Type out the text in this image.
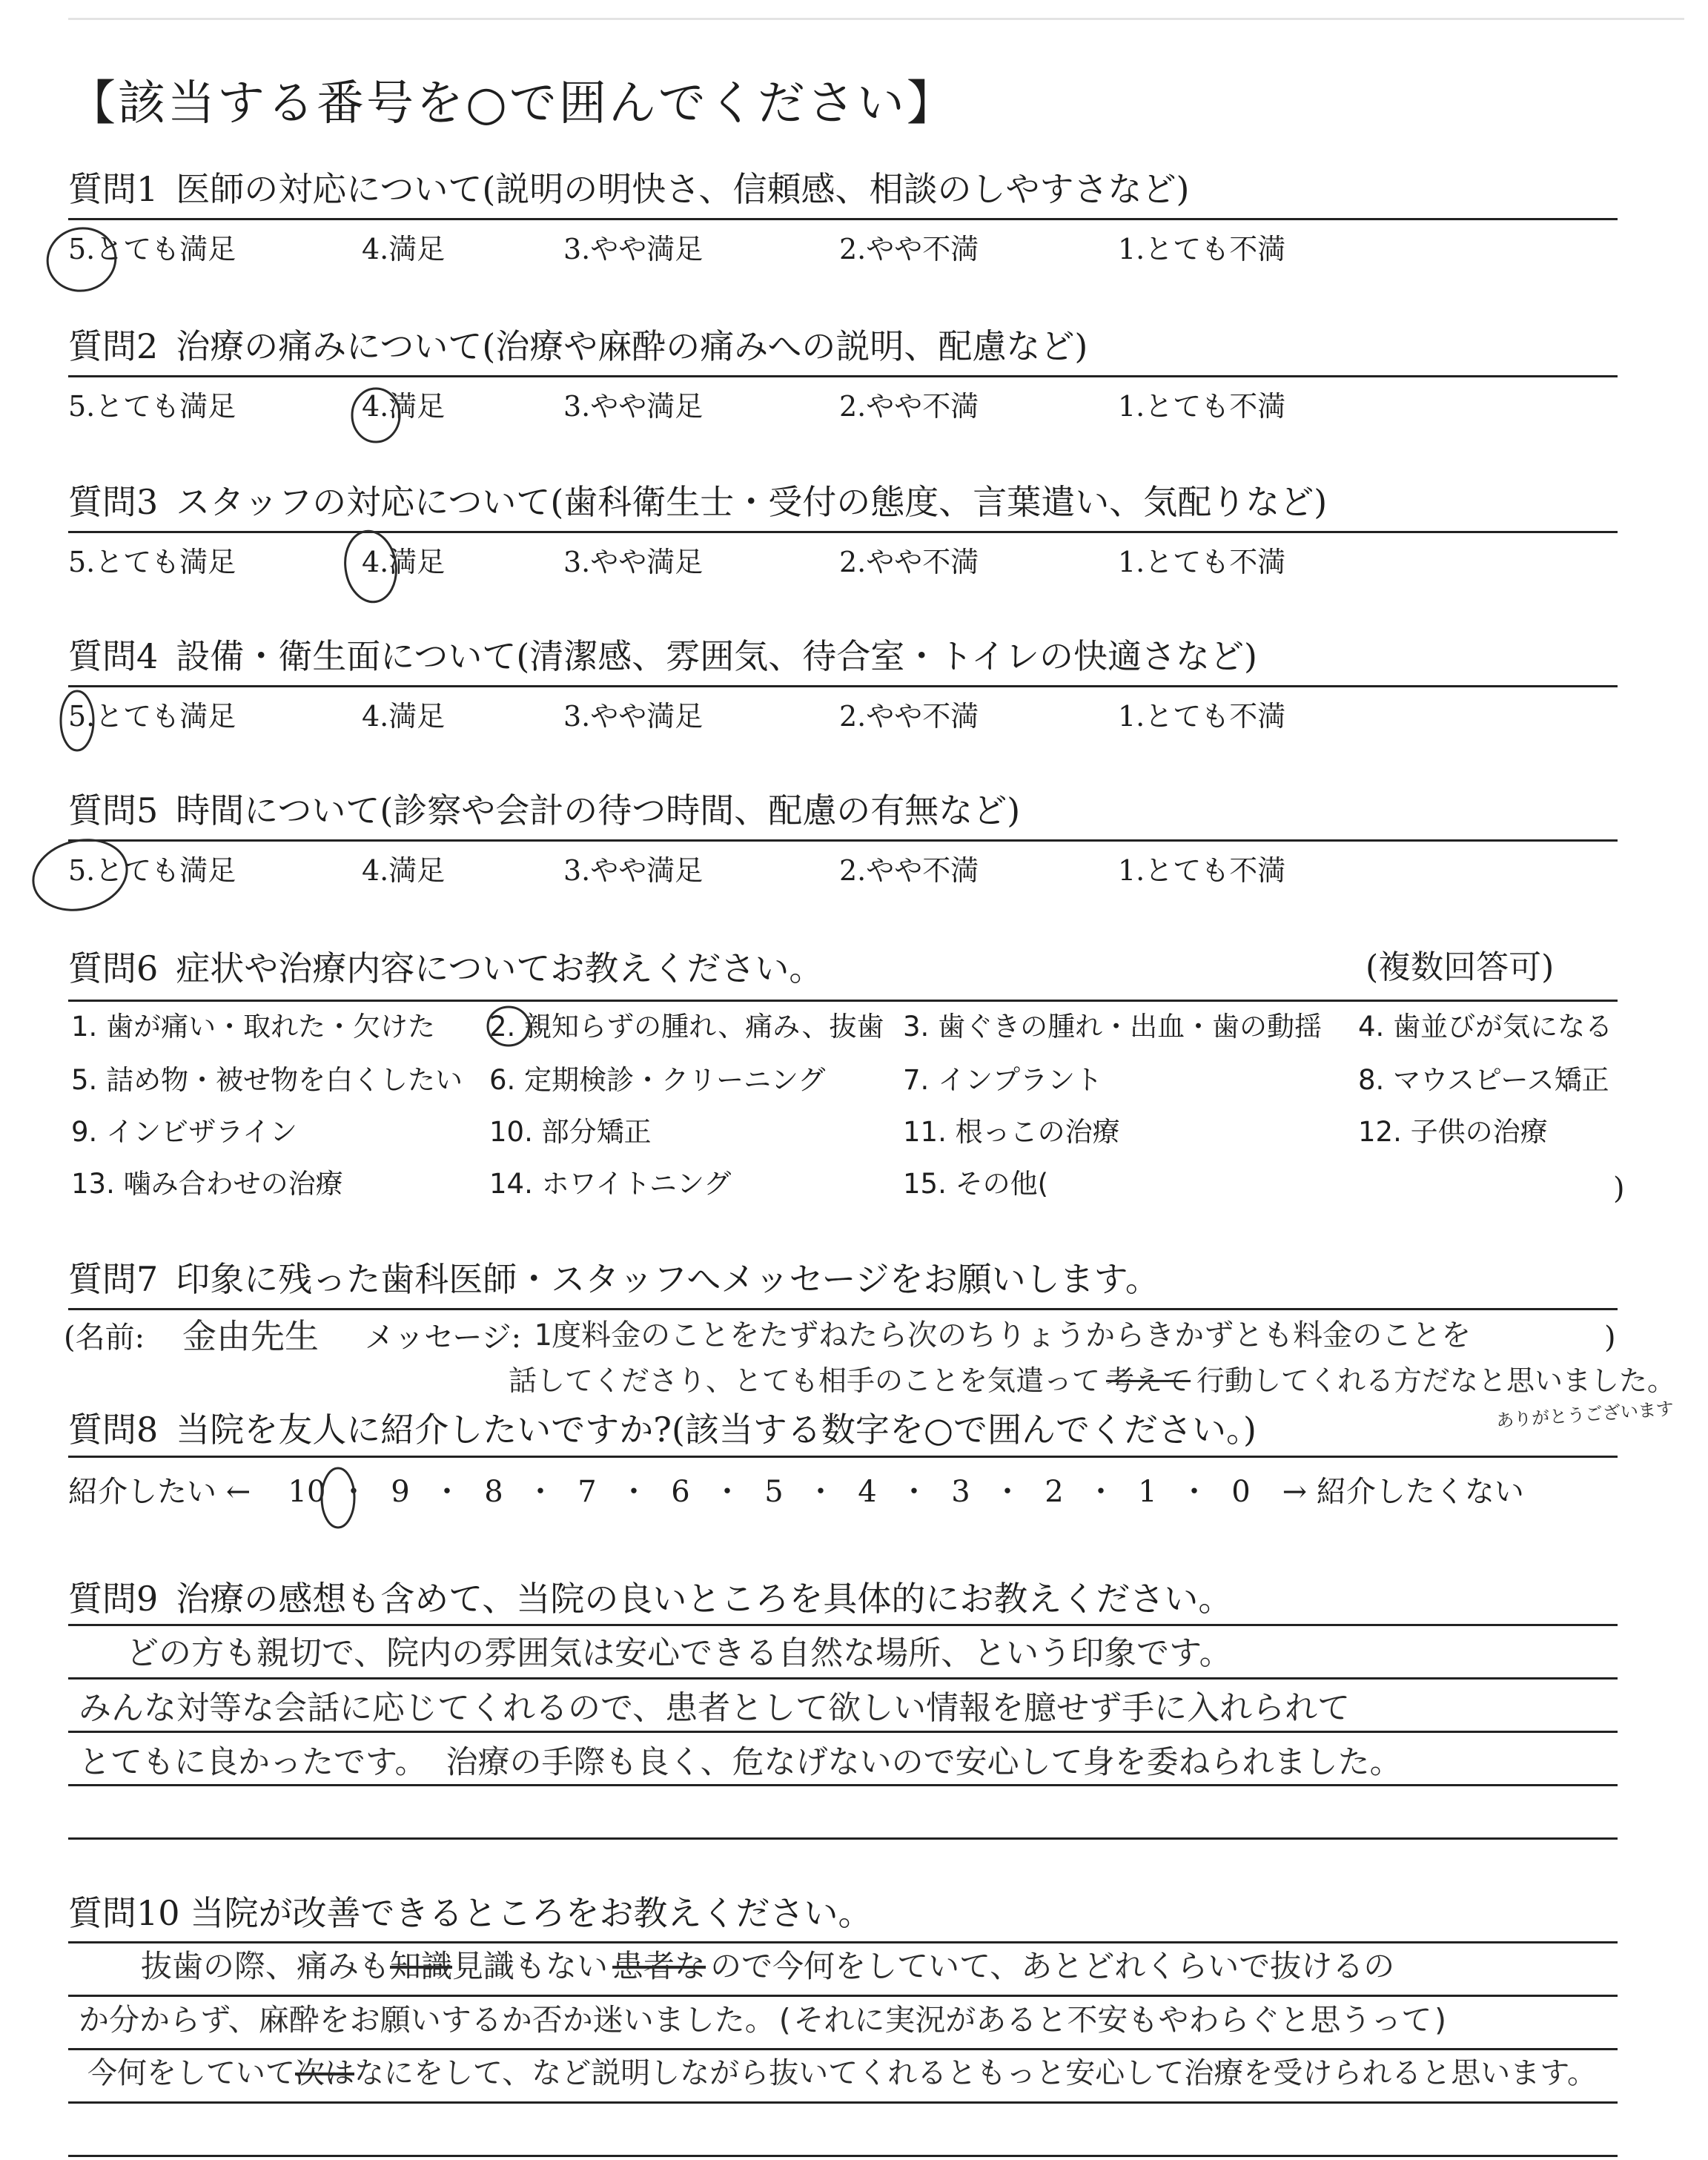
【該当する番号を○で囲んでください】
質問1 医師の対応について(説明の明快さ、信頼感、相談のしやすさなど)
5.とても満足	4.満足	3.やや満足	2.やや不満	1.とても不満
質問2 治療の痛みについて(治療や麻酔の痛みへの説明、配慮など)
5.とても満足	4.満足	3.やや満足	2.やや不満	1.とても不満
質問3 スタッフの対応について(歯科衛生士・受付の態度、言葉遣い、気配りなど)
5.とても満足	4.満足	3.やや満足	2.やや不満	1.とても不満
質問4 設備・衛生面について(清潔感、雰囲気、待合室・トイレの快適さなど)
5.とても満足	4.満足	3.やや満足	2.やや不満	1.とても不満
質問5 時間について(診察や会計の待つ時間、配慮の有無など)
5.とても満足	4.満足	3.やや満足	2.やや不満	1.とても不満
質問6 症状や治療内容についてお教えください。	(複数回答可)
1. 歯が痛い・取れた・欠けた 2. 親知らずの腫れ、痛み、抜歯 3. 歯ぐきの腫れ・出血・歯の動揺 4. 歯並びが気になる
5. 詰め物・被せ物を白くしたい 6. 定期検診・クリーニング	7. インプラント	8. マウスピース矯正
9. インビザライン	10. 部分矯正	11. 根っこの治療	12. 子供の治療
13. 噛み合わせの治療	14. ホワイトニング	15. その他(	)
質問7 印象に残った歯科医師・スタッフへメッセージをお願いします。
(名前: 金由先生 メッセージ: 1度料金のことをたずねたら次のちりょうからきかずとも料金のことを	)
話してくださり、とても相手のことを気遣って 考えて 行動してくれる方だなと思いました。
ありがとうございます
質問8 当院を友人に紹介したいですか?(該当する数字を○で囲んでください。)
紹介したい ← 10 ・ 9 ・ 8 ・ 7 ・ 6 ・ 5 ・ 4 ・ 3 ・ 2 ・ 1 ・ 0 → 紹介したくない
質問9 治療の感想も含めて、当院の良いところを具体的にお教えください。
どの方も親切で、院内の雰囲気は安心できる自然な場所、という印象です。
みんな対等な会話に応じてくれるので、患者として欲しい情報を臆せず手に入れられて
とてもに良かったです。 治療の手際も良く、危なげないので安心して身を委ねられました。
質問10 当院が改善できるところをお教えください。
抜歯の際、痛みも知識見識もない 患者な ので今何をしていて、あとどれくらいで抜けるの
か分からず、麻酔をお願いするか否か迷いました。(それに実況があると不安もやわらぐと思うって)
今何をしていて次はなにをして、など説明しながら抜いてくれるともっと安心して治療を受けられると思います。
